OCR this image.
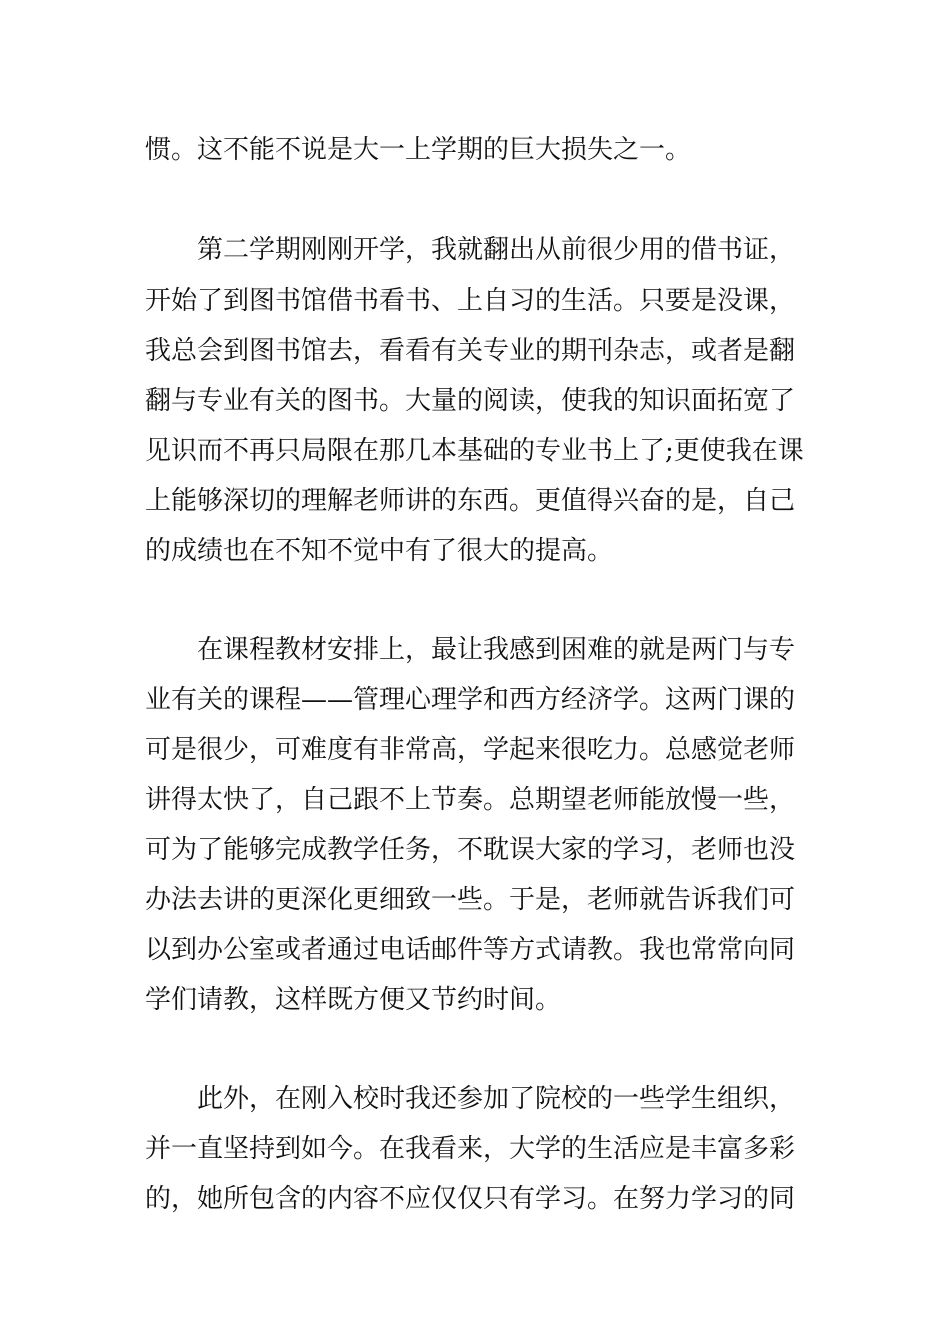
惯。这不能不说是大一上学期的巨大损失之一。
第二学期刚刚开学，我就翻出从前很少用的借书证，
开始了到图书馆借书看书、上自习的生活。只要是没课，
我总会到图书馆去，看看有关专业的期刊杂志，或者是翻
翻与专业有关的图书。大量的阅读，使我的知识面拓宽了
见识而不再只局限在那几本基础的专业书上了;更使我在课
上能够深切的理解老师讲的东西。更值得兴奋的是，自己
的成绩也在不知不觉中有了很大的提高。
在课程教材安排上，最让我感到困难的就是两门与专
业有关的课程——管理心理学和西方经济学。这两门课的
可是很少，可难度有非常高，学起来很吃力。总感觉老师
讲得太快了，自己跟不上节奏。总期望老师能放慢一些，
可为了能够完成教学任务，不耽误大家的学习，老师也没
办法去讲的更深化更细致一些。于是，老师就告诉我们可
以到办公室或者通过电话邮件等方式请教。我也常常向同
学们请教，这样既方便又节约时间。
此外，在刚入校时我还参加了院校的一些学生组织，
并一直坚持到如今。在我看来，大学的生活应是丰富多彩
的，她所包含的内容不应仅仅只有学习。在努力学习的同
